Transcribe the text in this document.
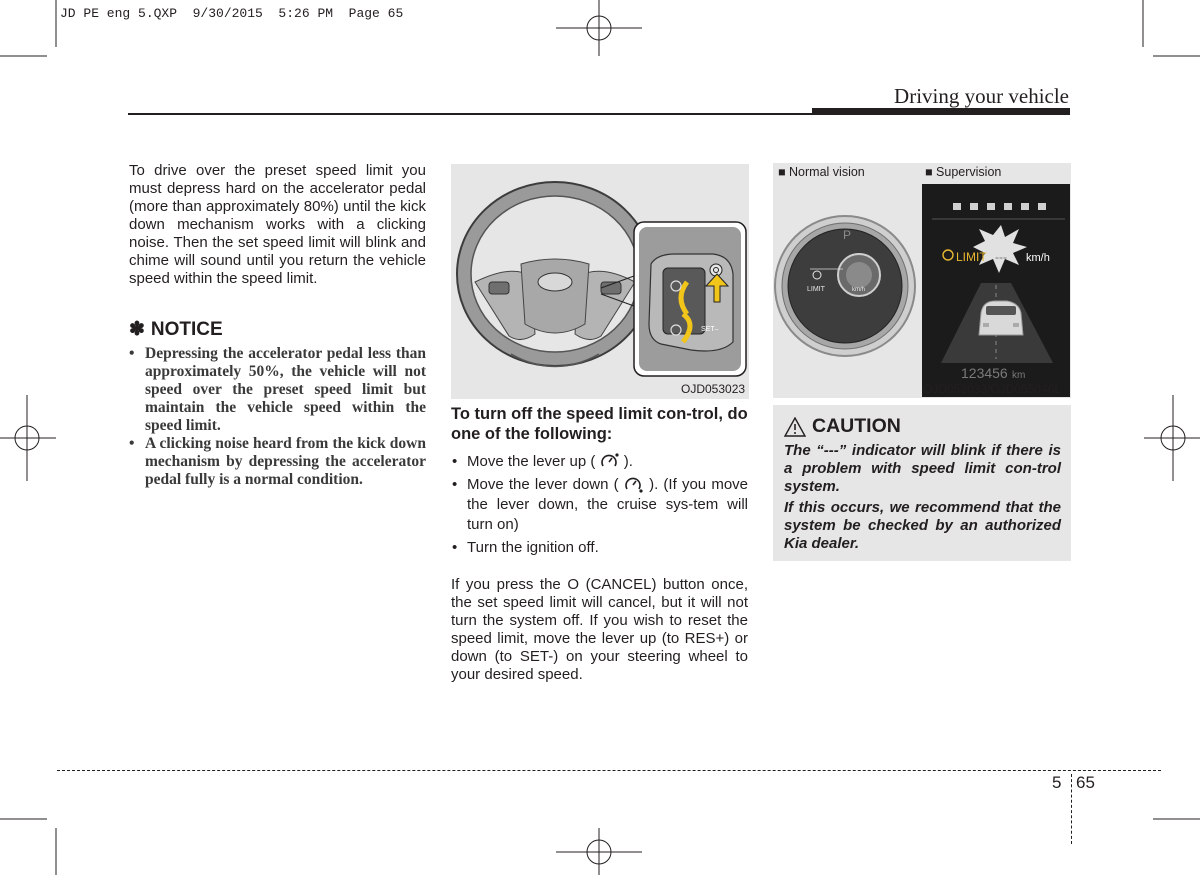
JD PE eng 5.QXP  9/30/2015  5:26 PM  Page 65
Driving your vehicle

To drive over the preset speed limit you must depress hard on the accelerator pedal (more than approximately 80%) until the kick down mechanism works with a clicking noise. Then the set speed limit will blink and chime will sound until you return the vehicle speed within the speed limit.

✽ NOTICE
• Depressing the accelerator pedal less than approximately 50%, the vehicle will not speed over the preset speed limit but maintain the vehicle speed within the speed limit.
• A clicking noise heard from the kick down mechanism by depressing the accelerator pedal fully is a normal condition.
SET–
OJD053023
To turn off the speed limit con-trol, do one of the following:
• Move the lever up ( ).
• Move the lever down ( ). (If you move the lever down, the cruise sys-tem will turn on)
• Turn the ignition off.

If you press the O (CANCEL) button once, the set speed limit will cancel, but it will not turn the system off. If you wish to reset the speed limit, move the lever up (to RES+) or down (to SET-) on your steering wheel to your desired speed.

■ Normal vision	■ Supervision
P
LIMIT	km/h
LIMIT --- km/h
123456 km
OJD052033/OJD055046L
CAUTION

The “---” indicator will blink if there is a problem with speed limit con-trol system.

If this occurs, we recommend that the system be checked by an authorized Kia dealer.

5 65
